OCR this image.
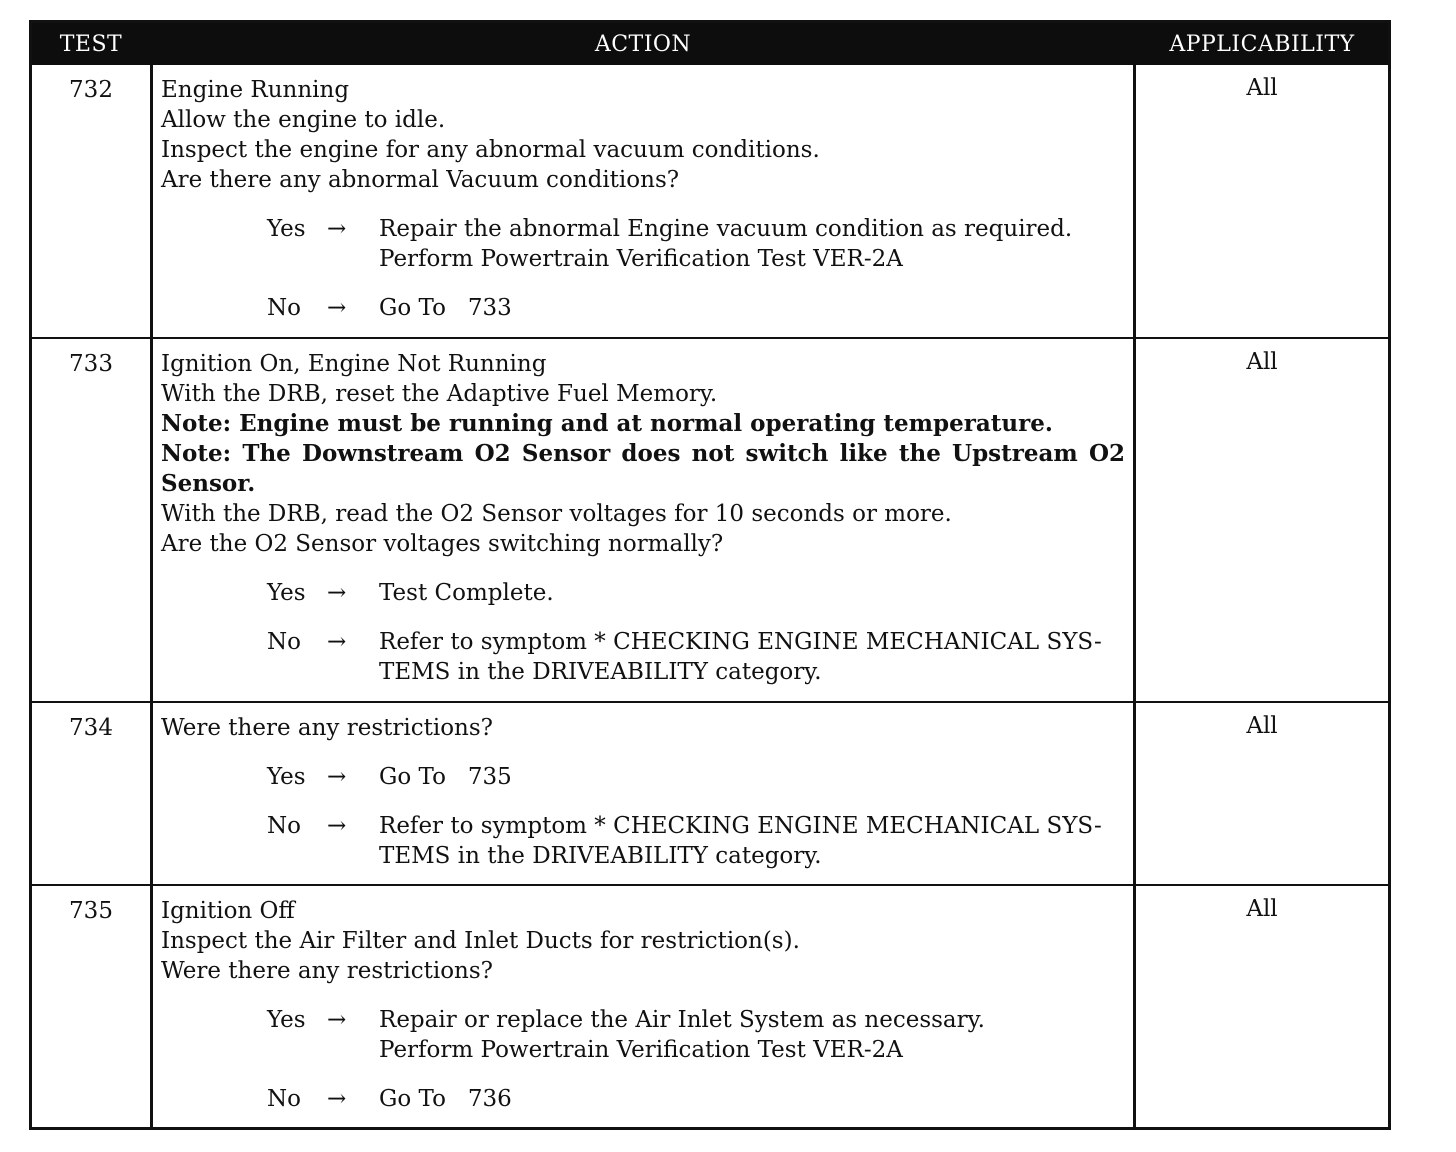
TEST	ACTION	APPLICABILITY
732	Engine Running
Allow the engine to idle.
Inspect the engine for any abnormal vacuum conditions.
Are there any abnormal Vacuum conditions?
Yes →	Repair the abnormal Engine vacuum condition as required.
Perform Powertrain Verification Test VER-2A
No	→	Go To   733
All
733	Ignition On, Engine Not Running
With the DRB, reset the Adaptive Fuel Memory.
Note: Engine must be running and at normal operating temperature.
Note: The Downstream O2 Sensor does not switch like the Upstream O2 Sensor.
With the DRB, read the O2 Sensor voltages for 10 seconds or more.
Are the O2 Sensor voltages switching normally?
Yes →	Test Complete.
No	→	Refer to symptom * CHECKING ENGINE MECHANICAL SYS-
TEMS in the DRIVEABILITY category.
All
734	Were there any restrictions?
Yes →	Go To   735
No	→	Refer to symptom * CHECKING ENGINE MECHANICAL SYS-
TEMS in the DRIVEABILITY category.
All
735	Ignition Off
Inspect the Air Filter and Inlet Ducts for restriction(s).
Were there any restrictions?
Yes →	Repair or replace the Air Inlet System as necessary.
Perform Powertrain Verification Test VER-2A
No	→	Go To   736
All
